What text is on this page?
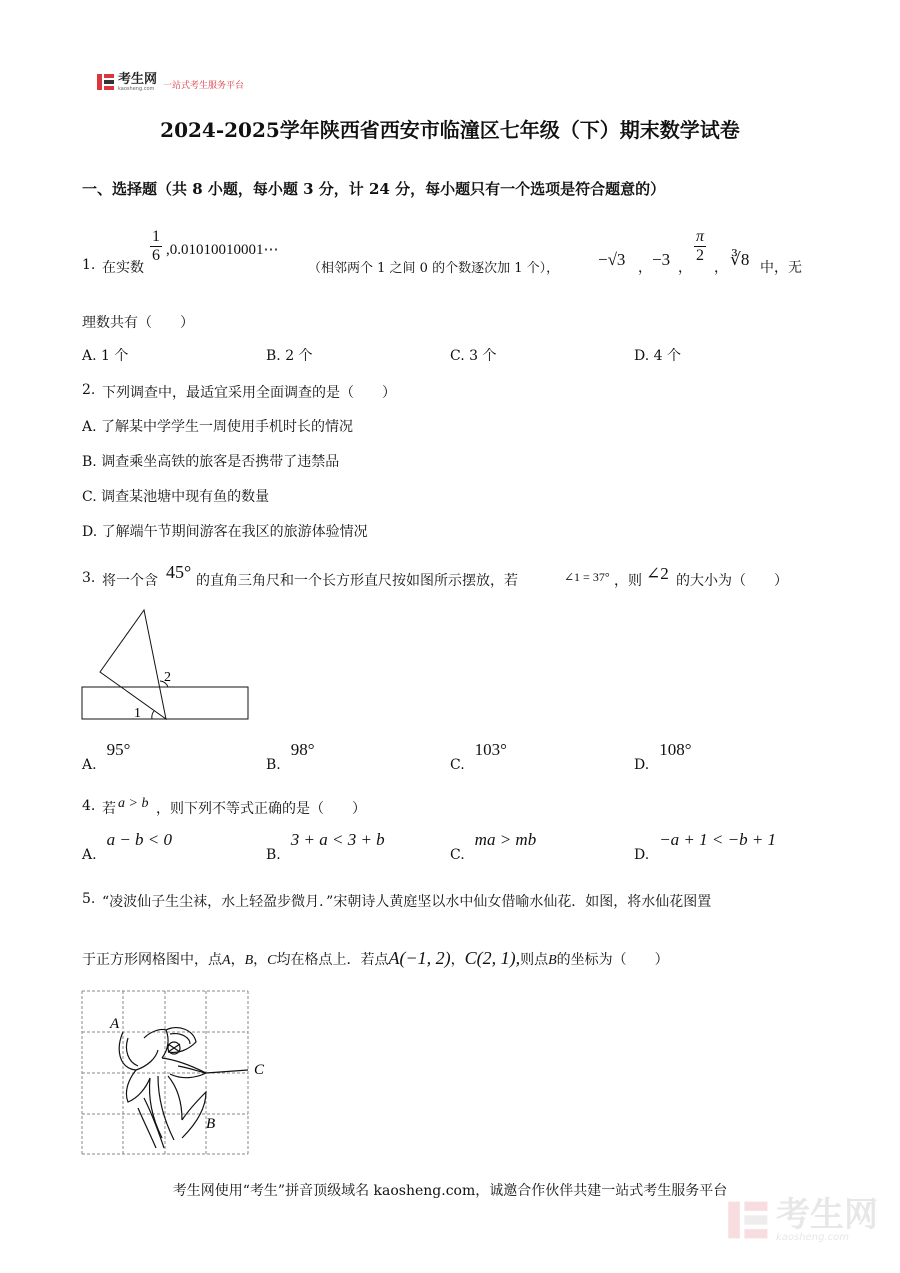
考生网
kaosheng.com 一站式考生服务平台
2024-2025学年陕西省西安市临潼区七年级（下）期末数学试卷
一、选择题（共 8 小题，每小题 3 分，计 24 分，每小题只有一个选项是符合题意的）
1. 在实数
$\frac{1}{6}$ ,0.01010010001⋯
（相邻两个 1 之间 0 的个数逐次加 1 个）， −√3 ， −3 ，
$\frac{\pi}{2}$
， ∛8 中，无
理数共有（　　）
A. 1 个	B. 2 个	C. 3 个	D. 4 个
2. 下列调查中，最适宜采用全面调查的是（　　）
A. 了解某中学学生一周使用手机时长的情况
B. 调查乘坐高铁的旅客是否携带了违禁品
C. 调查某池塘中现有鱼的数量
D. 了解端午节期间游客在我区的旅游体验情况
3. 将一个含 45° 的直角三角尺和一个长方形直尺按如图所示摆放，若	∠1 = 37° ，则 ∠2 的大小为（　　）
2
1
A.95°
B.98°
C.103°
D.108°
4. 若 a > b ，则下列不等式正确的是（　　）
A.a − b < 0
B.3 + a < 3 + b
C.ma > mb
D.−a + 1 < −b + 1
5. “凌波仙子生尘袜，水上轻盈步微月．”宋朝诗人黄庭坚以水中仙女借喻水仙花．如图，将水仙花图置
于正方形网格图中，点A，B，C均在格点上．若点A(−1, 2)，C(2, 1),则点B的坐标为（　　）
A
C
B
考生网使用“考生”拼音顶级域名 kaosheng.com，诚邀合作伙伴共建一站式考生服务平台
考生网
kaosheng.com
